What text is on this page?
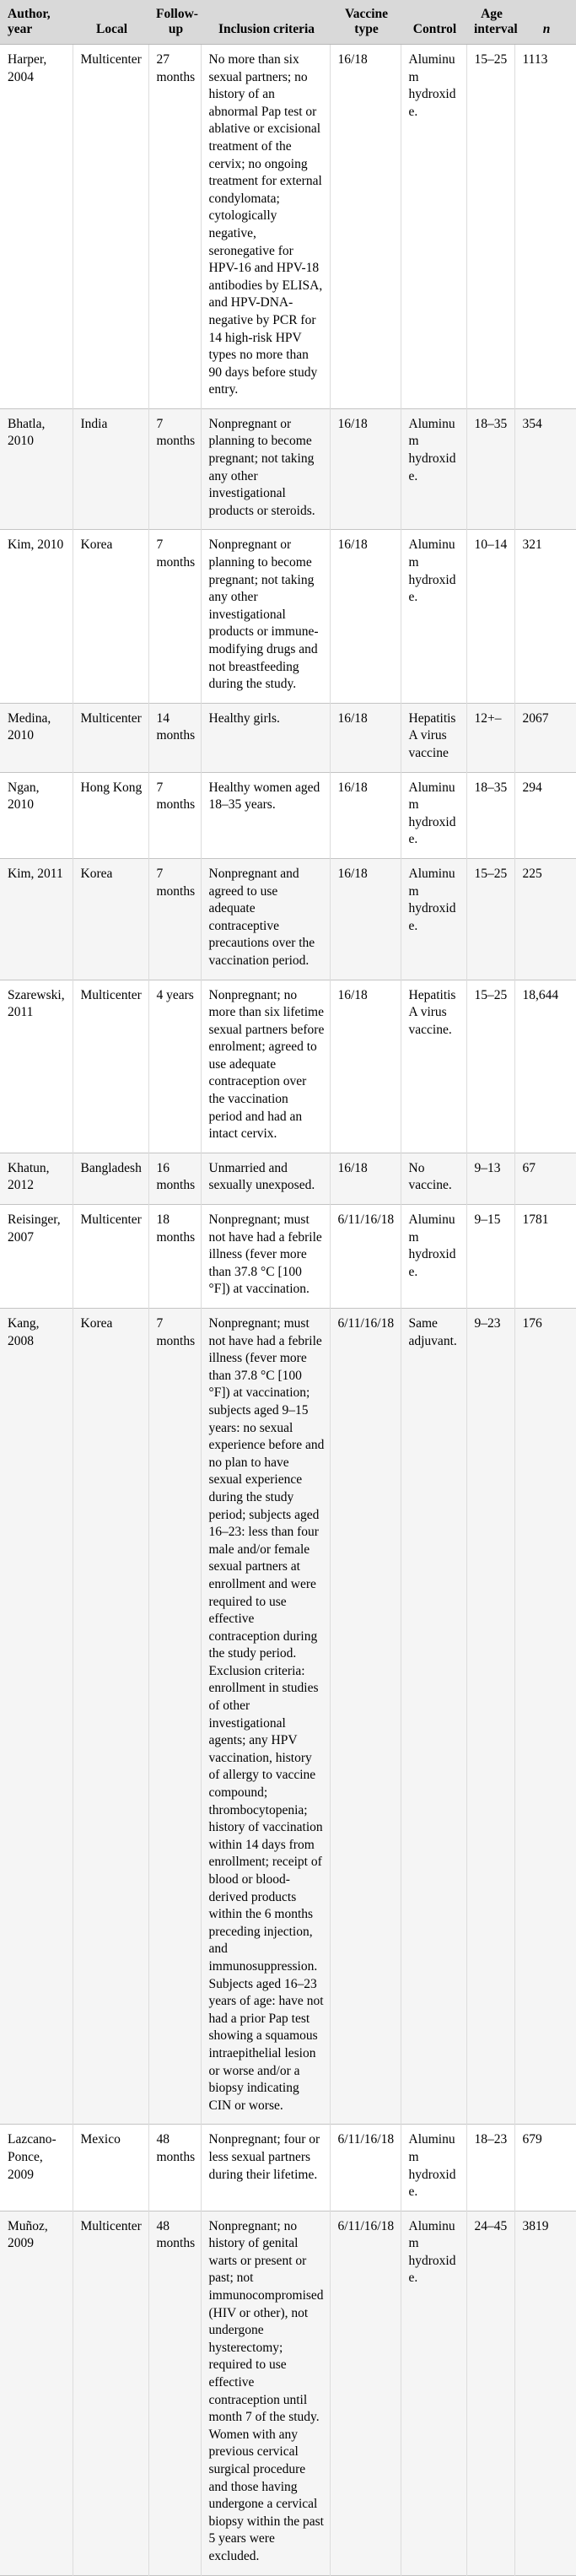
Author, year	Local	Follow-up	Inclusion criteria	Vaccine type	Control	Age interval	n
Harper, 2004	Multicenter	27 months	No more than six sexual partners; no history of an abnormal Pap test or ablative or excisional treatment of the cervix; no ongoing treatment for external condylomata; cytologically negative, seronegative for HPV-16 and HPV-18 antibodies by ELISA, and HPV-DNA-negative by PCR for 14 high-risk HPV types no more than 90 days before study entry.	16/18	Aluminum hydroxide.	15–25	1113
Bhatla, 2010	India	7 months	Nonpregnant or planning to become pregnant; not taking any other investigational products or steroids.	16/18	Aluminum hydroxide.	18–35	354
Kim, 2010	Korea	7 months	Nonpregnant or planning to become pregnant; not taking any other investigational products or immune-modifying drugs and not breastfeeding during the study.	16/18	Aluminum hydroxide.	10–14	321
Medina, 2010	Multicenter	14 months	Healthy girls.	16/18	Hepatitis A virus vaccine	12+–	2067
Ngan, 2010	Hong Kong	7 months	Healthy women aged 18–35 years.	16/18	Aluminum hydroxide.	18–35	294
Kim, 2011	Korea	7 months	Nonpregnant and agreed to use adequate contraceptive precautions over the vaccination period.	16/18	Aluminum hydroxide.	15–25	225
Szarewski, 2011	Multicenter	4 years	Nonpregnant; no more than six lifetime sexual partners before enrolment; agreed to use adequate contraception over the vaccination period and had an intact cervix.	16/18	Hepatitis A virus vaccine.	15–25	18,644
Khatun, 2012	Bangladesh	16 months	Unmarried and sexually unexposed.	16/18	No vaccine.	9–13	67
Reisinger, 2007	Multicenter	18 months	Nonpregnant; must not have had a febrile illness (fever more than 37.8 °C [100 °F]) at vaccination.	6/11/16/18	Aluminum hydroxide.	9–15	1781
Kang, 2008	Korea	7 months	Nonpregnant; must not have had a febrile illness (fever more than 37.8 °C [100 °F]) at vaccination; subjects aged 9–15 years: no sexual experience before and no plan to have sexual experience during the study period; subjects aged 16–23: less than four male and/or female sexual partners at enrollment and were required to use effective contraception during the study period. Exclusion criteria: enrollment in studies of other investigational agents; any HPV vaccination, history of allergy to vaccine compound; thrombocytopenia; history of vaccination within 14 days from enrollment; receipt of blood or blood-derived products within the 6 months preceding injection, and immunosuppression. Subjects aged 16–23 years of age: have not had a prior Pap test showing a squamous intraepithelial lesion or worse and/or a biopsy indicating CIN or worse.	6/11/16/18	Same adjuvant.	9–23	176
Lazcano-Ponce, 2009	Mexico	48 months	Nonpregnant; four or less sexual partners during their lifetime.	6/11/16/18	Aluminum hydroxide.	18–23	679
Muñoz, 2009	Multicenter	48 months	Nonpregnant; no history of genital warts or present or past; not immunocompromised (HIV or other), not undergone hysterectomy; required to use effective contraception until month 7 of the study. Women with any previous cervical surgical procedure and those having undergone a cervical biopsy within the past 5 years were excluded.	6/11/16/18	Aluminum hydroxide.	24–45	3819
